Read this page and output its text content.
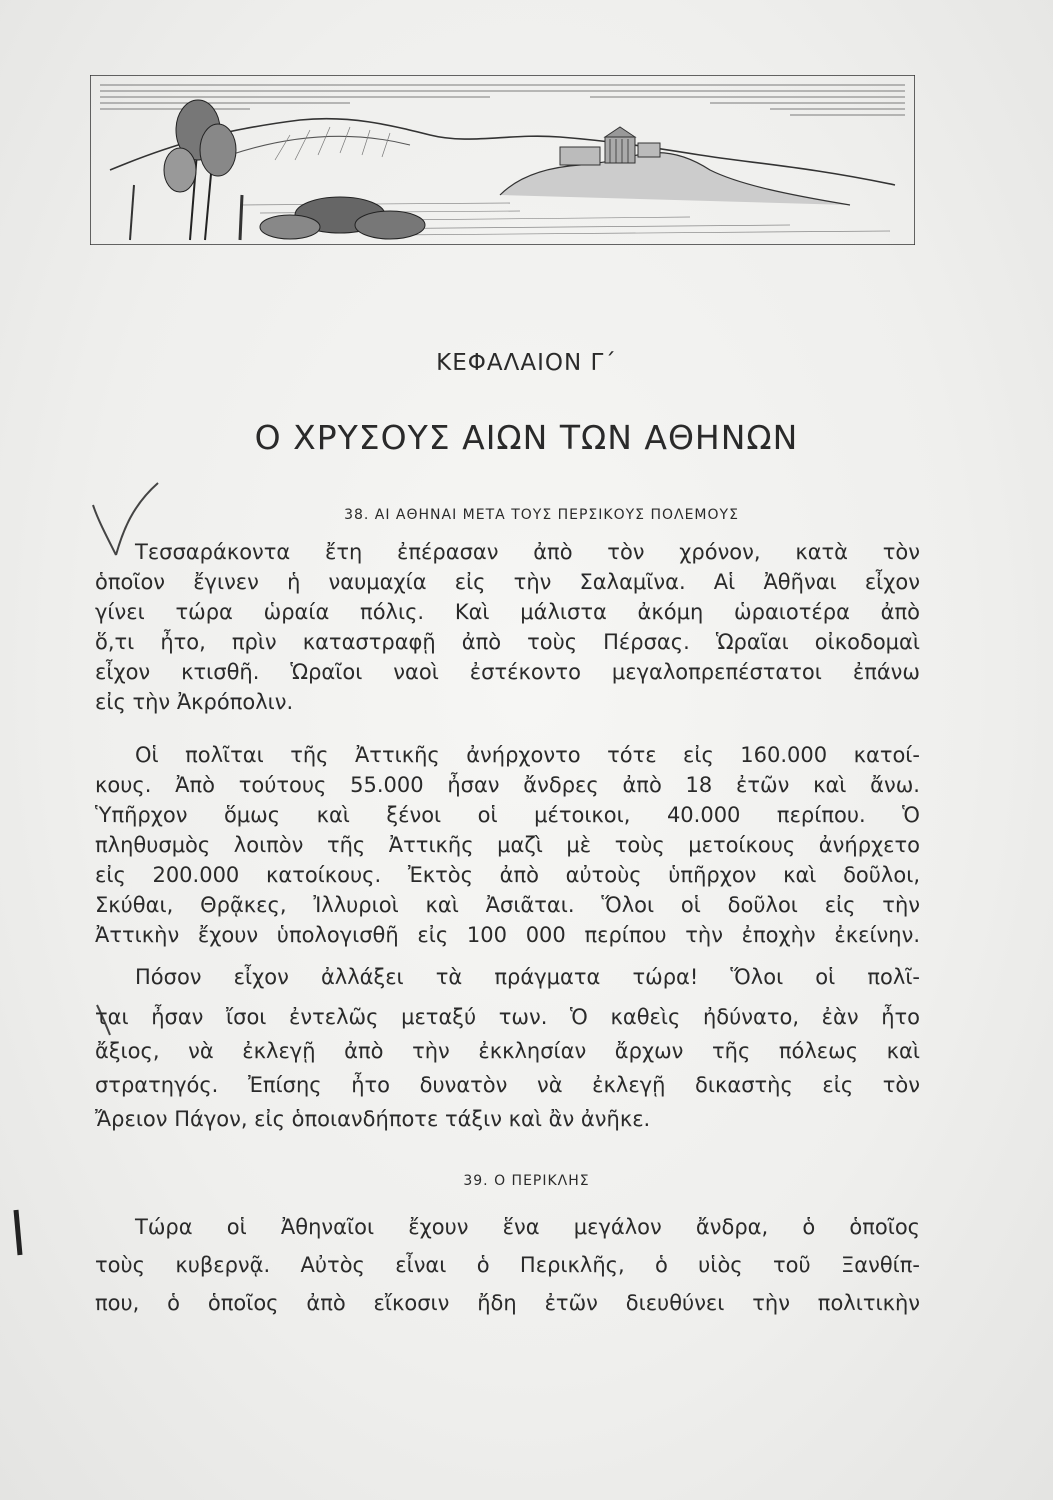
ΚΕΦΑΛΑΙΟΝ Γ΄
Ο ΧΡΥΣΟΥΣ ΑΙΩΝ ΤΩΝ ΑΘΗΝΩΝ
38. ΑΙ ΑΘΗΝΑΙ ΜΕΤΑ ΤΟΥΣ ΠΕΡΣΙΚΟΥΣ ΠΟΛΕΜΟΥΣ
Τεσσαράκοντα ἔτη ἐπέρασαν ἀπὸ τὸν χρόνον, κατὰ τὸν
ὁποῖον ἔγινεν ἡ ναυμαχία εἰς τὴν Σαλαμῖνα. Αἱ Ἀθῆναι εἶχον
γίνει τώρα ὡραία πόλις. Καὶ μάλιστα ἀκόμη ὡραιοτέρα ἀπὸ
ὅ,τι ἦτο, πρὶν καταστραφῇ ἀπὸ τοὺς Πέρσας. Ὡραῖαι οἰκοδομαὶ
εἶχον κτισθῆ. Ὡραῖοι ναοὶ ἐστέκοντο μεγαλοπρεπέστατοι ἐπάνω
εἰς τὴν Ἀκρόπολιν.
Οἱ πολῖται τῆς Ἀττικῆς ἀνήρχοντο τότε εἰς 160.000 κατοί-
κους. Ἀπὸ τούτους 55.000 ἦσαν ἄνδρες ἀπὸ 18 ἐτῶν καὶ ἄνω.
Ὑπῆρχον ὅμως καὶ ξένοι οἱ μέτοικοι, 40.000 περίπου. Ὁ
πληθυσμὸς λοιπὸν τῆς Ἀττικῆς μαζὶ μὲ τοὺς μετοίκους ἀνήρχετο
εἰς 200.000 κατοίκους. Ἐκτὸς ἀπὸ αὐτοὺς ὑπῆρχον καὶ δοῦλοι,
Σκύθαι, Θρᾷκες, Ἰλλυριοὶ καὶ Ἀσιᾶται. Ὅλοι οἱ δοῦλοι εἰς τὴν
Ἀττικὴν ἔχουν ὑπολογισθῆ εἰς 100 000 περίπου τὴν ἐποχὴν ἐκείνην.
Πόσον εἶχον ἀλλάξει τὰ πράγματα τώρα! Ὅλοι οἱ πολῖ-
ται ἦσαν ἴσοι ἐντελῶς μεταξύ των. Ὁ καθεὶς ἠδύνατο, ἐὰν ἦτο
ἄξιος, νὰ ἐκλεγῇ ἀπὸ τὴν ἐκκλησίαν ἄρχων τῆς πόλεως καὶ
στρατηγός. Ἐπίσης ἦτο δυνατὸν νὰ ἐκλεγῇ δικαστὴς εἰς τὸν
Ἄρειον Πάγον, εἰς ὁποιανδήποτε τάξιν καὶ ἂν ἀνῆκε.
39. Ο ΠΕΡΙΚΛΗΣ
Τώρα οἱ Ἀθηναῖοι ἔχουν ἕνα μεγάλον ἄνδρα, ὁ ὁποῖος
τοὺς κυβερνᾷ. Αὐτὸς εἶναι ὁ Περικλῆς, ὁ υἱὸς τοῦ Ξανθίπ-
που, ὁ ὁποῖος ἀπὸ εἴκοσιν ἤδη ἐτῶν διευθύνει τὴν πολιτικὴν
